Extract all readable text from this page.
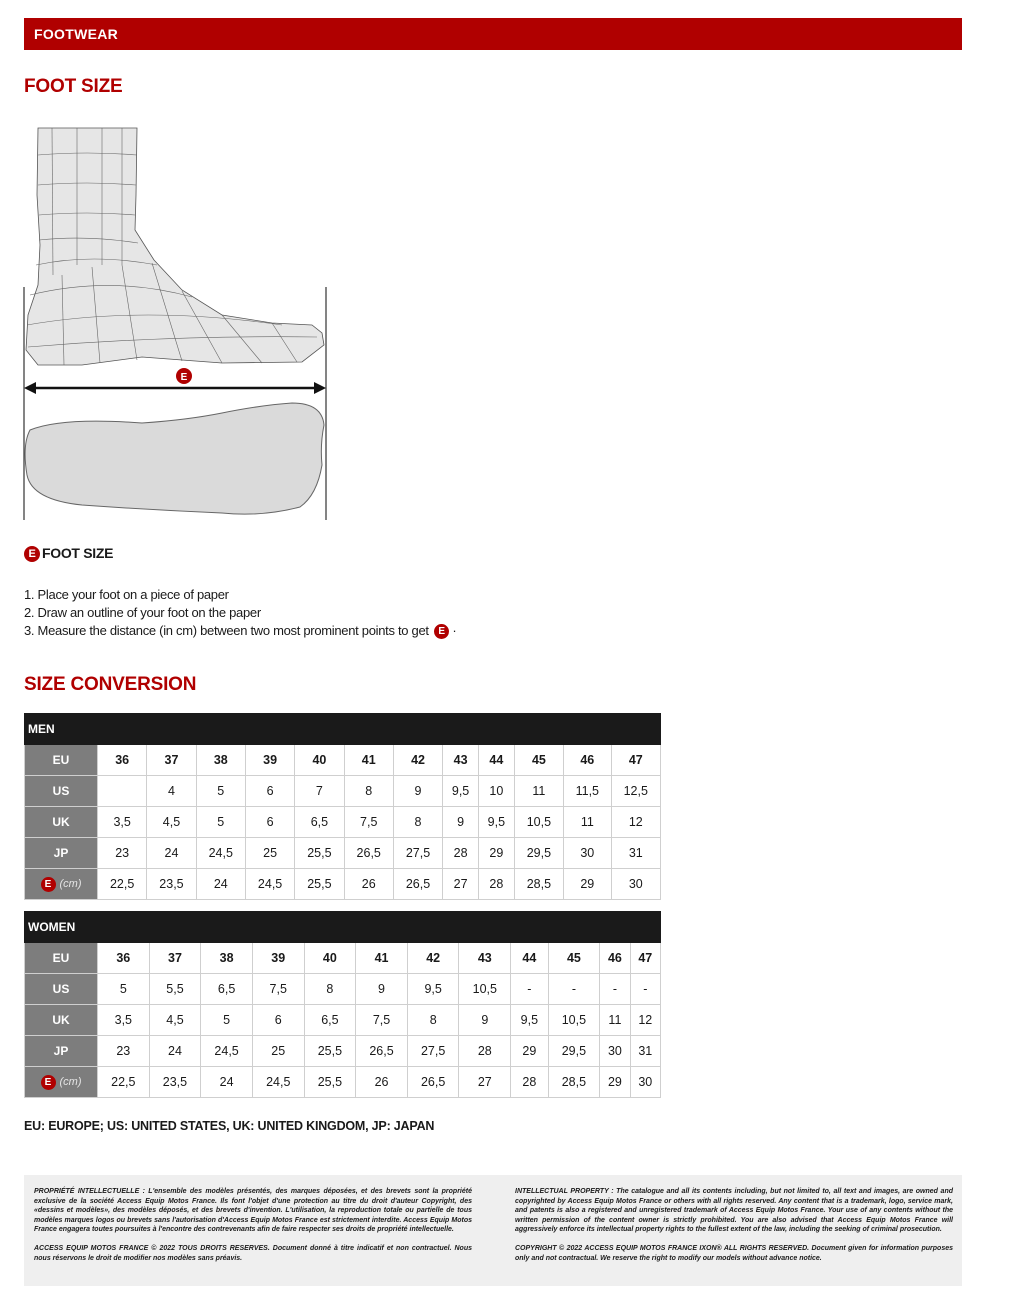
FOOTWEAR
FOOT SIZE
E
E FOOT SIZE
1. Place your foot on a piece of paper
2. Draw an outline of your foot on the paper
3. Measure the distance (in cm) between two most prominent points to get E ·
SIZE CONVERSION
MEN												
EU	36	37	38	39	40	41	42	43	44	45	46	47
US		4	5	6	7	8	9	9,5	10	11	11,5	12,5
UK	3,5	4,5	5	6	6,5	7,5	8	9	9,5	10,5	11	12
JP	23	24	24,5	25	25,5	26,5	27,5	28	29	29,5	30	31
E (cm)	22,5	23,5	24	24,5	25,5	26	26,5	27	28	28,5	29	30
WOMEN												
EU	36	37	38	39	40	41	42	43	44	45	46	47
US	5	5,5	6,5	7,5	8	9	9,5	10,5	-	-	-	-
UK	3,5	4,5	5	6	6,5	7,5	8	9	9,5	10,5	11	12
JP	23	24	24,5	25	25,5	26,5	27,5	28	29	29,5	30	31
E (cm)	22,5	23,5	24	24,5	25,5	26	26,5	27	28	28,5	29	30
EU: EUROPE; US: UNITED STATES, UK: UNITED KINGDOM, JP: JAPAN

PROPRIÉTÉ INTELLECTUELLE : L'ensemble des modèles présentés, des marques déposées, et des brevets sont la propriété exclusive de la société Access Equip Motos France. Ils font l'objet d'une protection au titre du droit d'auteur Copyright, des «dessins et modèles», des modèles déposés, et des brevets d'invention. L'utilisation, la reproduction totale ou partielle de tous modèles marques logos ou brevets sans l'autorisation d'Access Equip Motos France est strictement interdite. Access Equip Motos France engagera toutes poursuites à l'encontre des contrevenants afin de faire respecter ses droits de propriété intellectuelle.

ACCESS EQUIP MOTOS FRANCE © 2022 TOUS DROITS RESERVES. Document donné à titre indicatif et non contractuel. Nous nous réservons le droit de modifier nos modèles sans préavis.

INTELLECTUAL PROPERTY : The catalogue and all its contents including, but not limited to, all text and images, are owned and copyrighted by Access Equip Motos France or others with all rights reserved. Any content that is a trademark, logo, service mark, and patents is also a registered and unregistered trademark of Access Equip Motos France. Your use of any contents without the written permission of the content owner is strictly prohibited. You are also advised that Access Equip Motos France will aggressively enforce its intellectual property rights to the fullest extent of the law, including the seeking of criminal prosecution.

COPYRIGHT © 2022 ACCESS EQUIP MOTOS FRANCE IXON® ALL RIGHTS RESERVED. Document given for information purposes only and not contractual. We reserve the right to modify our models without advance notice.
